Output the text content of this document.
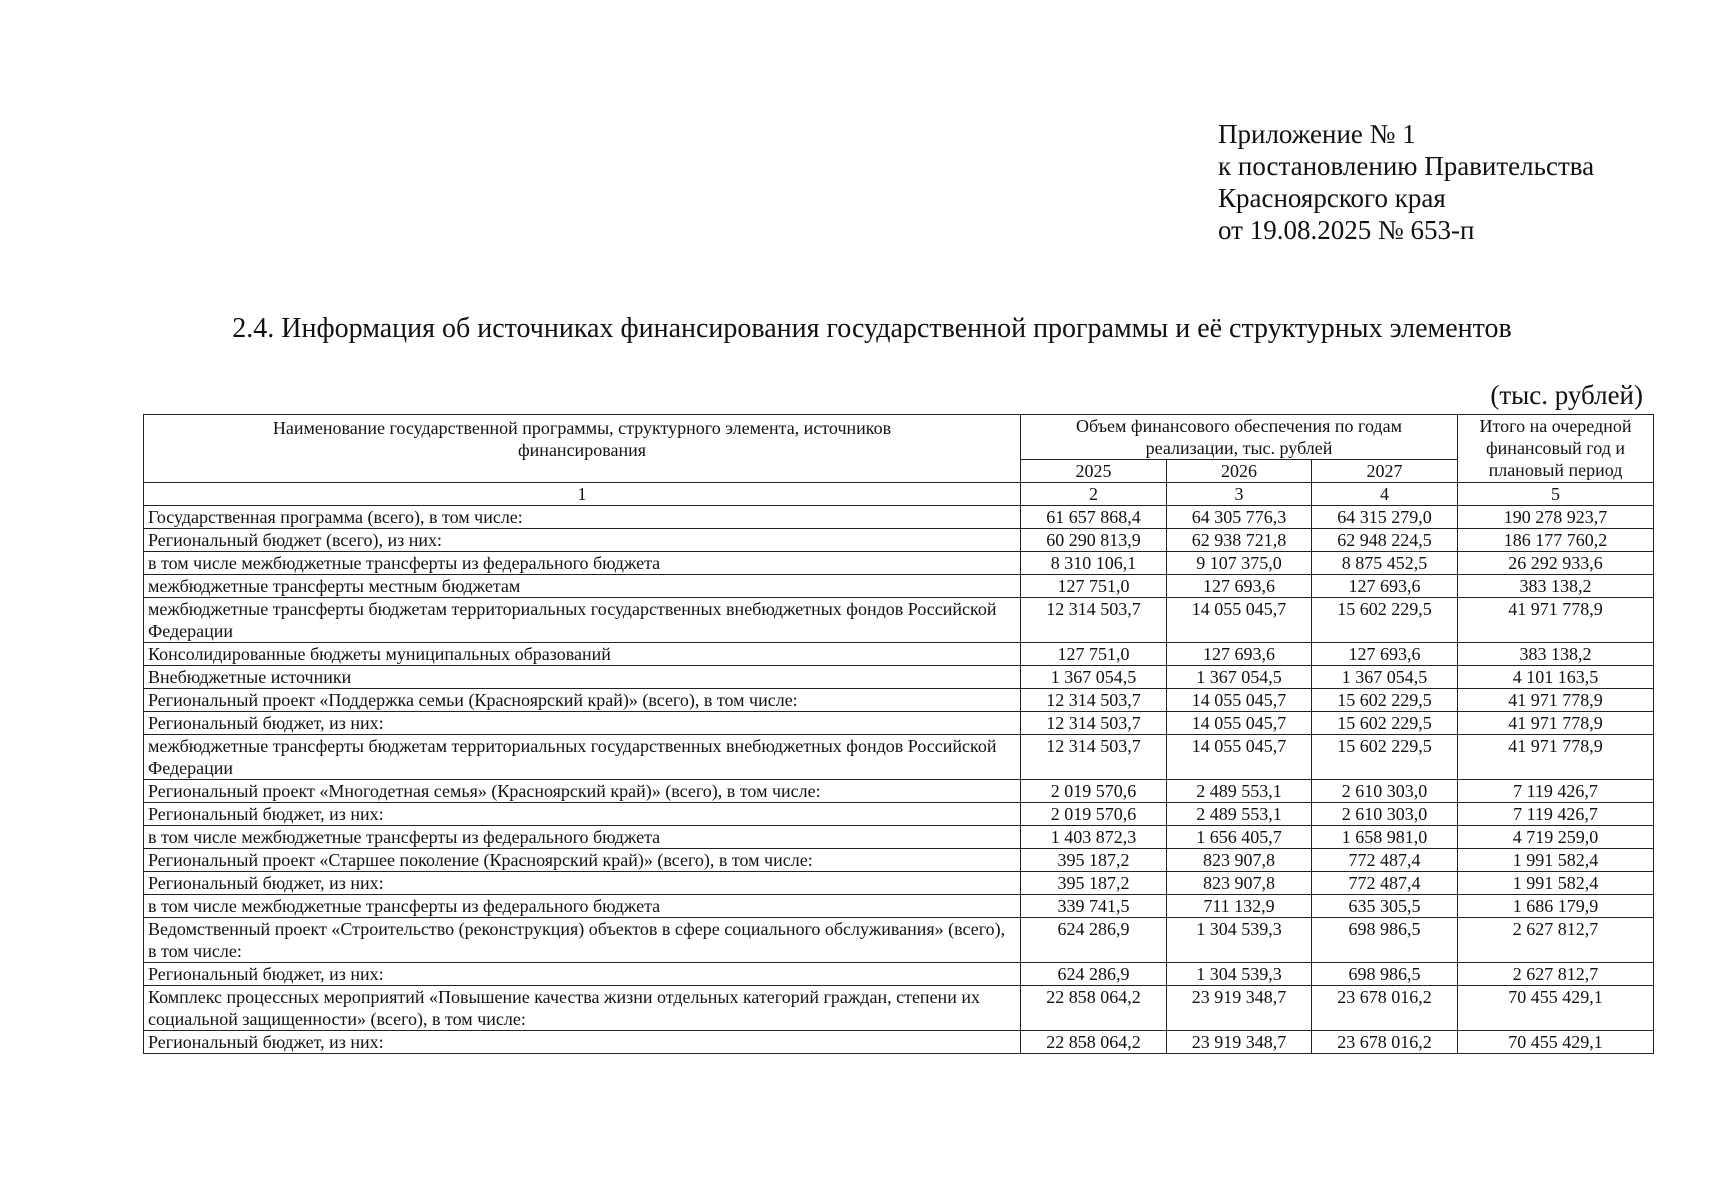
Приложение № 1
к постановлению Правительства
Красноярского края
от 19.08.2025 № 653-п
2.4. Информация об источниках финансирования государственной программы и её структурных элементов
(тыс. рублей)
Наименование государственной программы, структурного элемента, источников финансирования	Объем финансового обеспечения по годам реализации, тыс. рублей			Итого на очередной финансовый год и плановый период
	2025	2026	2027	
1	2	3	4	5
Государственная программа (всего), в том числе:	61 657 868,4	64 305 776,3	64 315 279,0	190 278 923,7
Региональный бюджет (всего), из них:	60 290 813,9	62 938 721,8	62 948 224,5	186 177 760,2
в том числе межбюджетные трансферты из федерального бюджета	8 310 106,1	9 107 375,0	8 875 452,5	26 292 933,6
межбюджетные трансферты местным бюджетам	127 751,0	127 693,6	127 693,6	383 138,2
межбюджетные трансферты бюджетам территориальных государственных внебюджетных фондов Российской Федерации	12 314 503,7	14 055 045,7	15 602 229,5	41 971 778,9
Консолидированные бюджеты муниципальных образований	127 751,0	127 693,6	127 693,6	383 138,2
Внебюджетные источники	1 367 054,5	1 367 054,5	1 367 054,5	4 101 163,5
Региональный проект «Поддержка семьи (Красноярский край)» (всего), в том числе:	12 314 503,7	14 055 045,7	15 602 229,5	41 971 778,9
Региональный бюджет, из них:	12 314 503,7	14 055 045,7	15 602 229,5	41 971 778,9
межбюджетные трансферты бюджетам территориальных государственных внебюджетных фондов Российской Федерации	12 314 503,7	14 055 045,7	15 602 229,5	41 971 778,9
Региональный проект «Многодетная семья» (Красноярский край)» (всего), в том числе:	2 019 570,6	2 489 553,1	2 610 303,0	7 119 426,7
Региональный бюджет, из них:	2 019 570,6	2 489 553,1	2 610 303,0	7 119 426,7
в том числе межбюджетные трансферты из федерального бюджета	1 403 872,3	1 656 405,7	1 658 981,0	4 719 259,0
Региональный проект «Старшее поколение (Красноярский край)» (всего), в том числе:	395 187,2	823 907,8	772 487,4	1 991 582,4
Региональный бюджет, из них:	395 187,2	823 907,8	772 487,4	1 991 582,4
в том числе межбюджетные трансферты из федерального бюджета	339 741,5	711 132,9	635 305,5	1 686 179,9
Ведомственный проект «Строительство (реконструкция) объектов в сфере социального обслуживания» (всего), в том числе:	624 286,9	1 304 539,3	698 986,5	2 627 812,7
Региональный бюджет, из них:	624 286,9	1 304 539,3	698 986,5	2 627 812,7
Комплекс процессных мероприятий «Повышение качества жизни отдельных категорий граждан, степени их социальной защищенности» (всего), в том числе:	22 858 064,2	23 919 348,7	23 678 016,2	70 455 429,1
Региональный бюджет, из них:	22 858 064,2	23 919 348,7	23 678 016,2	70 455 429,1
